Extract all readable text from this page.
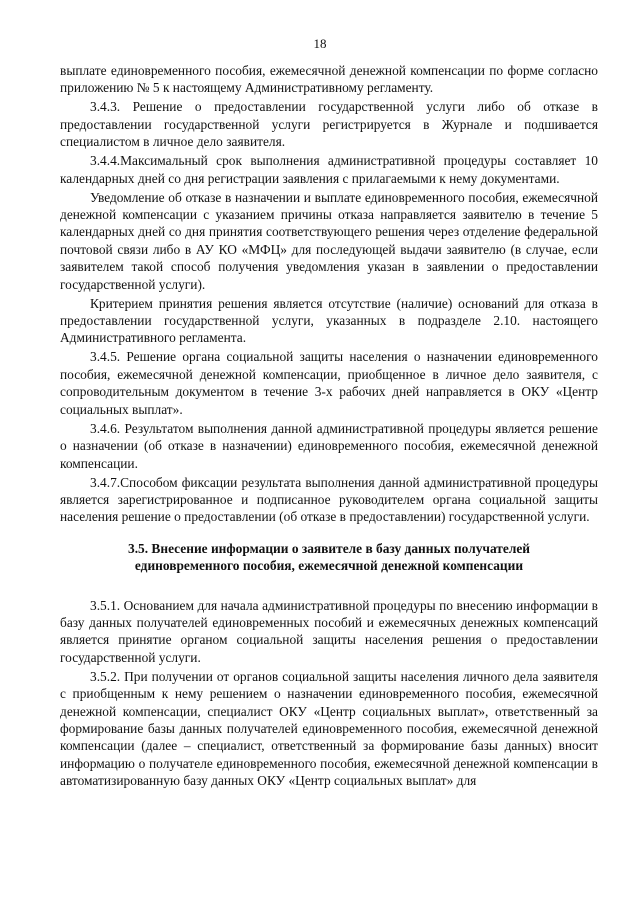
18

выплате единовременного пособия, ежемесячной денежной компенсации по форме согласно приложению № 5 к настоящему Административному регламенту.

3.4.3. Решение о предоставлении государственной услуги либо об отказе в предоставлении государственной услуги регистрируется в Журнале и подшивается специалистом в личное дело заявителя.

3.4.4.Максимальный срок выполнения административной процедуры составляет 10 календарных дней со дня регистрации заявления с прилагаемыми к нему документами.

Уведомление об отказе в назначении и выплате единовременного пособия, ежемесячной денежной компенсации с указанием причины отказа направляется заявителю в течение 5 календарных дней со дня принятия соответствующего решения через отделение федеральной почтовой связи либо в АУ КО «МФЦ» для последующей выдачи заявителю (в случае, если заявителем такой способ получения уведомления указан в заявлении о предоставлении государственной услуги).

Критерием принятия решения является отсутствие (наличие) оснований для отказа в предоставлении государственной услуги, указанных в подразделе 2.10. настоящего Административного регламента.

3.4.5. Решение органа социальной защиты населения о назначении единовременного пособия, ежемесячной денежной компенсации, приобщенное в личное дело заявителя, с сопроводительным документом в течение 3-х рабочих дней направляется в ОКУ «Центр социальных выплат».

3.4.6. Результатом выполнения данной административной процедуры является решение о назначении (об отказе в назначении) единовременного пособия, ежемесячной денежной компенсации.

3.4.7.Способом фиксации результата выполнения данной административной процедуры является зарегистрированное и подписанное руководителем органа социальной защиты населения решение о предоставлении (об отказе в предоставлении) государственной услуги.

3.5. Внесение информации о заявителе в базу данных получателей
единовременного пособия, ежемесячной денежной компенсации

3.5.1. Основанием для начала административной процедуры по внесению информации в базу данных получателей единовременных пособий и ежемесячных денежных компенсаций является принятие органом социальной защиты населения решения о предоставлении государственной услуги.

3.5.2. При получении от органов социальной защиты населения личного дела заявителя с приобщенным к нему решением о назначении единовременного пособия, ежемесячной денежной компенсации, специалист ОКУ «Центр социальных выплат», ответственный за формирование базы данных получателей единовременного пособия, ежемесячной денежной компенсации (далее – специалист, ответственный за формирование базы данных) вносит информацию о получателе единовременного пособия, ежемесячной денежной компенсации в автоматизированную базу данных ОКУ «Центр социальных выплат» для
